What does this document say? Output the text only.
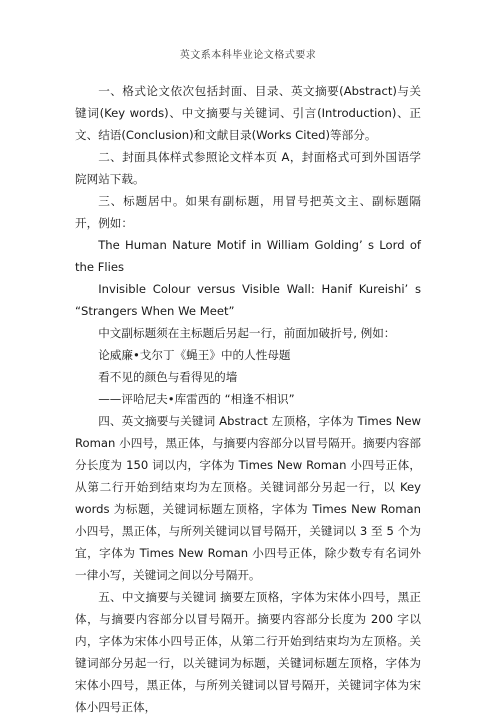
英文系本科毕业论文格式要求

一、格式论文依次包括封面、目录、英文摘要(Abstract)与关键词(Key words)、中文摘要与关键词、引言(Introduction)、正文、结语(Conclusion)和文献目录(Works Cited)等部分。

二、封面具体样式参照论文样本页 A，封面格式可到外国语学院网站下载。

三、标题居中。如果有副标题，用冒号把英文主、副标题隔开，例如：

The Human Nature Motif in William Golding’ s Lord of the Flies

Invisible Colour versus Visible Wall: Hanif Kureishi’ s “Strangers When We Meet”

中文副标题须在主标题后另起一行，前面加破折号, 例如：

论威廉•戈尔丁《蝇王》中的人性母题

看不见的颜色与看得见的墙

——评哈尼夫•库雷西的 “相逢不相识”

四、英文摘要与关键词 Abstract 左顶格，字体为 Times New Roman 小四号，黑正体，与摘要内容部分以冒号隔开。摘要内容部分长度为 150 词以内，字体为 Times New Roman 小四号正体，从第二行开始到结束均为左顶格。关键词部分另起一行，以 Key words 为标题，关键词标题左顶格，字体为 Times New Roman 小四号，黑正体，与所列关键词以冒号隔开，关键词以 3 至 5 个为宜，字体为 Times New Roman 小四号正体，除少数专有名词外一律小写，关键词之间以分号隔开。

五、中文摘要与关键词 摘要左顶格，字体为宋体小四号，黑正体，与摘要内容部分以冒号隔开。摘要内容部分长度为 200 字以内，字体为宋体小四号正体，从第二行开始到结束均为左顶格。关键词部分另起一行，以关键词为标题，关键词标题左顶格，字体为宋体小四号，黑正体，与所列关键词以冒号隔开，关键词字体为宋体小四号正体，
